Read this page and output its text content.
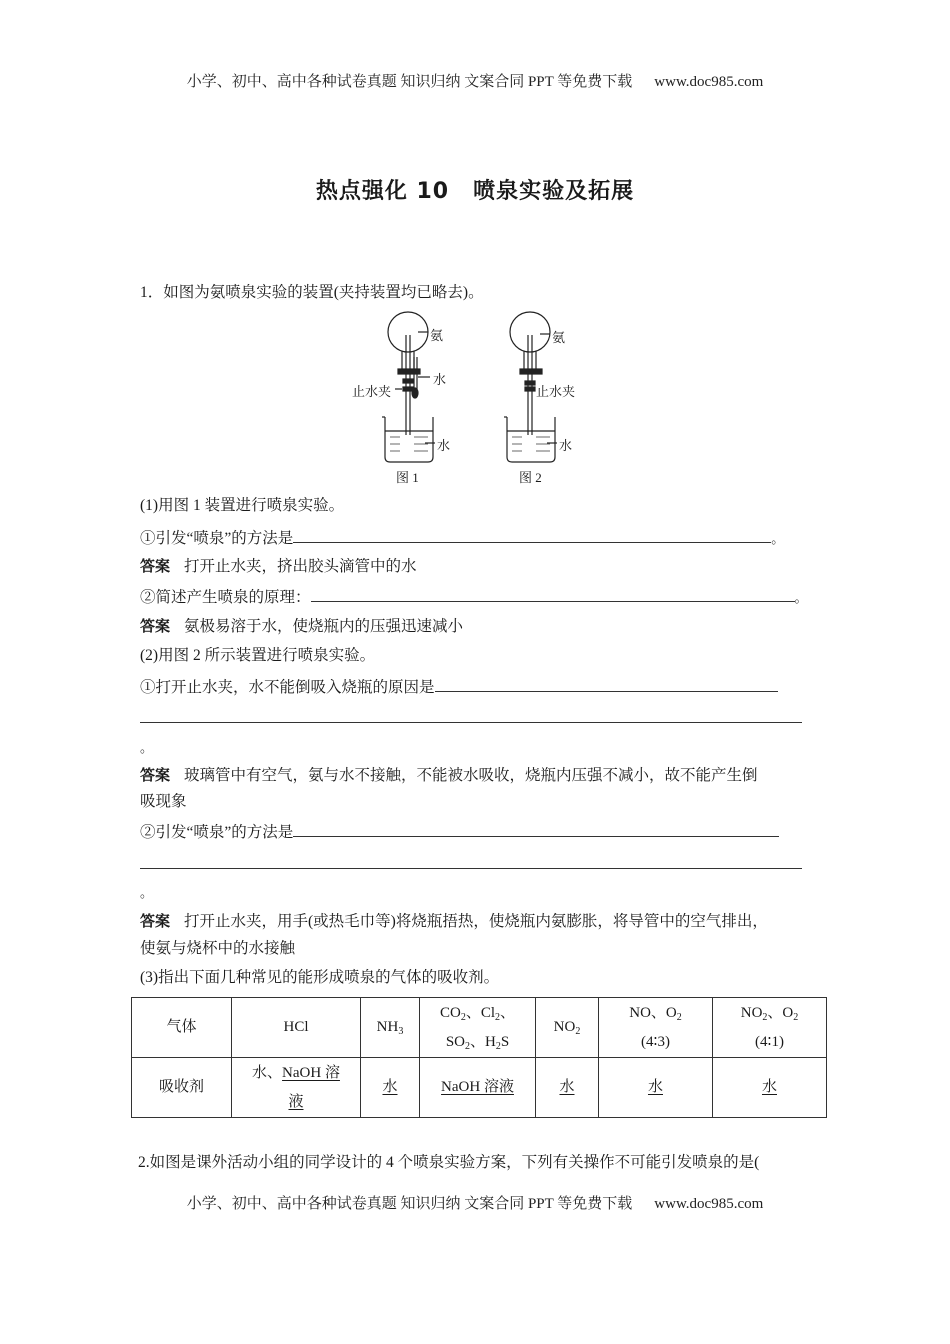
小学、初中、高中各种试卷真题 知识归纳 文案合同 PPT 等免费下载 www.doc985.com
热点强化 10 喷泉实验及拓展
1．如图为氨喷泉实验的装置(夹持装置均已略去)。
氨
水
止水夹
水
图 1
氨
止水夹
水
图 2
(1)用图 1 装置进行喷泉实验。
①引发“喷泉”的方法是	。
答案 打开止水夹，挤出胶头滴管中的水
②简述产生喷泉的原理：	。
答案 氨极易溶于水，使烧瓶内的压强迅速减小
(2)用图 2 所示装置进行喷泉实验。
①打开止水夹，水不能倒吸入烧瓶的原因是
。
答案 玻璃管中有空气，氨与水不接触，不能被水吸收，烧瓶内压强不减小，故不能产生倒
吸现象
②引发“喷泉”的方法是
。
答案 打开止水夹，用手(或热毛巾等)将烧瓶捂热，使烧瓶内氨膨胀，将导管中的空气排出，
使氨与烧杯中的水接触
(3)指出下面几种常见的能形成喷泉的气体的吸收剂。
气体	HCl	$NH_3$	$CO_2$、$Cl_2$、
$SO_2$、$H_2S$	$NO_2$	NO、$O_2$
(4∶3)	$NO_2$、$O_2$
(4∶1)
吸收剂	水、NaOH 溶
液	水	NaOH 溶液	水	水	水
2.如图是课外活动小组的同学设计的 4 个喷泉实验方案，下列有关操作不可能引发喷泉的是(
小学、初中、高中各种试卷真题 知识归纳 文案合同 PPT 等免费下载 www.doc985.com
